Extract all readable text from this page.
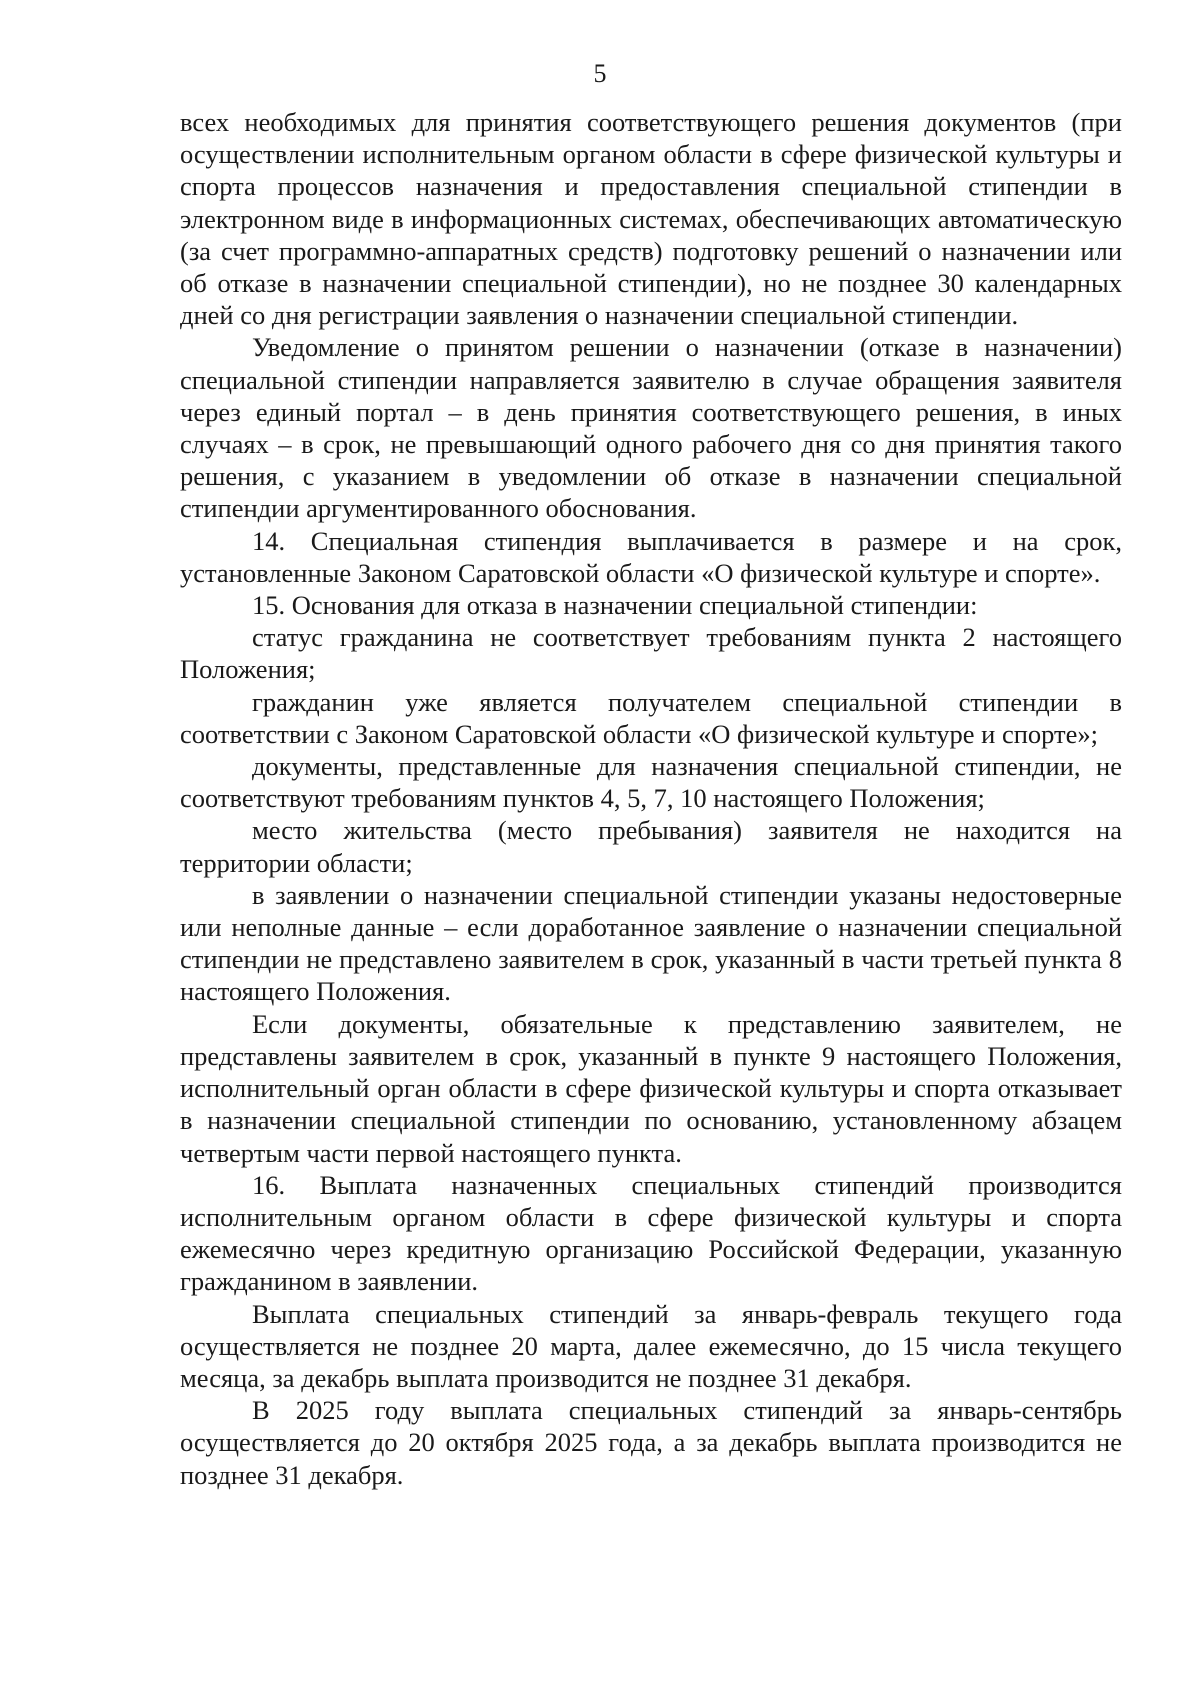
5

всех необходимых для принятия соответствующего решения документов (при осуществлении исполнительным органом области в сфере физической культуры и спорта процессов назначения и предоставления специальной стипендии в электронном виде в информационных системах, обеспечивающих автоматическую (за счет программно-аппаратных средств) подготовку решений о назначении или об отказе в назначении специальной стипендии), но не позднее 30 календарных дней со дня регистрации заявления о назначении специальной стипендии.

Уведомление о принятом решении о назначении (отказе в назначении) специальной стипендии направляется заявителю в случае обращения заявителя через единый портал – в день принятия соответствующего решения, в иных случаях – в срок, не превышающий одного рабочего дня со дня принятия такого решения, с указанием в уведомлении об отказе в назначении специальной стипендии аргументированного обоснования.

14. Специальная стипендия выплачивается в размере и на срок, установленные Законом Саратовской области «О физической культуре и спорте».

15. Основания для отказа в назначении специальной стипендии:

статус гражданина не соответствует требованиям пункта 2 настоящего Положения;

гражданин уже является получателем специальной стипендии в соответствии с Законом Саратовской области «О физической культуре и спорте»;

документы, представленные для назначения специальной стипендии, не соответствуют требованиям пунктов 4, 5, 7, 10 настоящего Положения;

место жительства (место пребывания) заявителя не находится на территории области;

в заявлении о назначении специальной стипендии указаны недостоверные или неполные данные – если доработанное заявление о назначении специальной стипендии не представлено заявителем в срок, указанный в части третьей пункта 8 настоящего Положения.

Если документы, обязательные к представлению заявителем, не представлены заявителем в срок, указанный в пункте 9 настоящего Положения, исполнительный орган области в сфере физической культуры и спорта отказывает в назначении специальной стипендии по основанию, установленному абзацем четвертым части первой настоящего пункта.

16. Выплата назначенных специальных стипендий производится исполнительным органом области в сфере физической культуры и спорта ежемесячно через кредитную организацию Российской Федерации, указанную гражданином в заявлении.

Выплата специальных стипендий за январь-февраль текущего года осуществляется не позднее 20 марта, далее ежемесячно, до 15 числа текущего месяца, за декабрь выплата производится не позднее 31 декабря.

В 2025 году выплата специальных стипендий за январь-сентябрь осуществляется до 20 октября 2025 года, а за декабрь выплата производится не позднее 31 декабря.
